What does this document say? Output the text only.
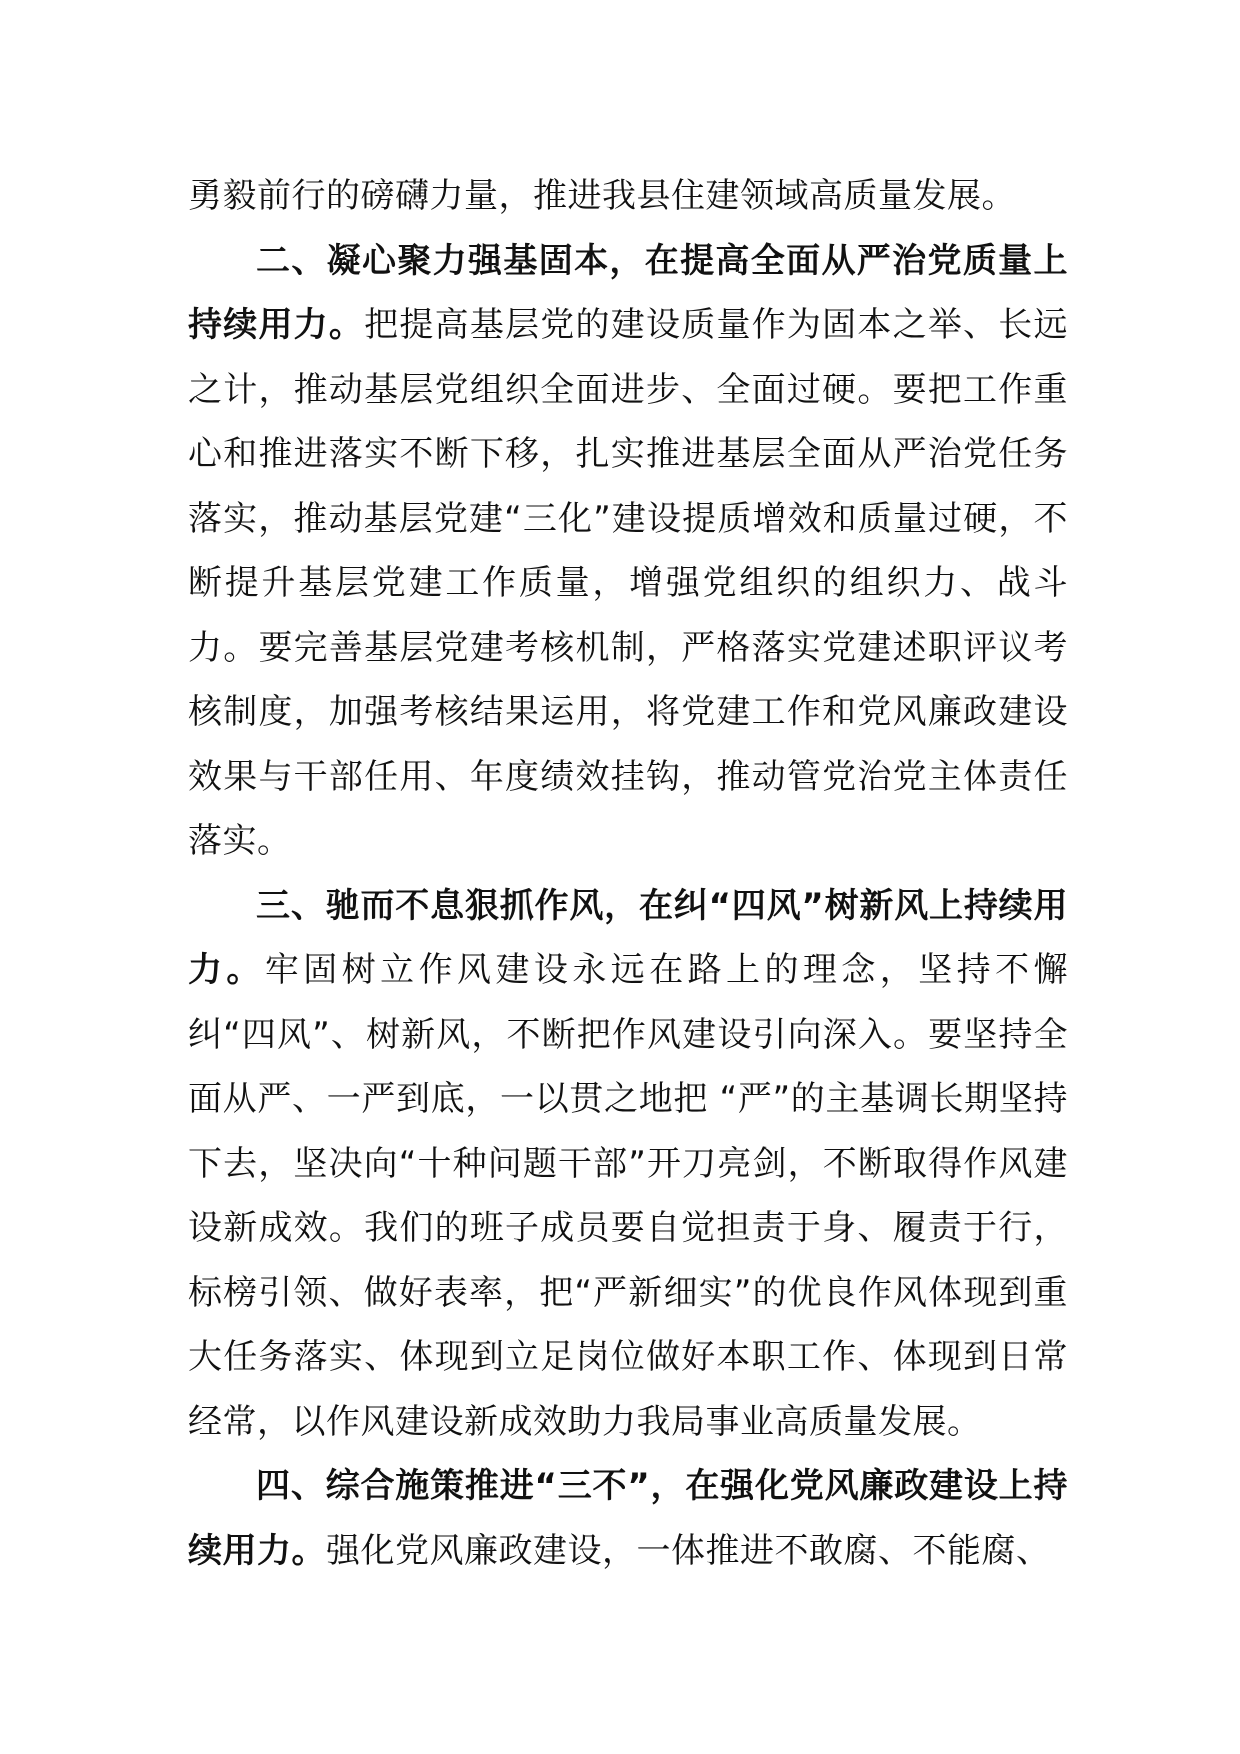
勇毅前行的磅礴力量，推进我县住建领域高质量发展。

二、凝心聚力强基固本，在提高全面从严治党质量上持续用力。把提高基层党的建设质量作为固本之举、长远之计，推动基层党组织全面进步、全面过硬。要把工作重心和推进落实不断下移，扎实推进基层全面从严治党任务落实，推动基层党建“三化”建设提质增效和质量过硬，不断提升基层党建工作质量，增强党组织的组织力、战斗力。要完善基层党建考核机制，严格落实党建述职评议考核制度，加强考核结果运用，将党建工作和党风廉政建设效果与干部任用、年度绩效挂钩，推动管党治党主体责任落实。

三、驰而不息狠抓作风，在纠“四风”树新风上持续用力。牢固树立作风建设永远在路上的理念，坚持不懈纠“四风”、树新风，不断把作风建设引向深入。要坚持全面从严、一严到底，一以贯之地把 “严”的主基调长期坚持下去，坚决向“十种问题干部”开刀亮剑，不断取得作风建设新成效。我们的班子成员要自觉担责于身、履责于行，标榜引领、做好表率，把“严新细实”的优良作风体现到重大任务落实、体现到立足岗位做好本职工作、体现到日常经常，以作风建设新成效助力我局事业高质量发展。

四、综合施策推进“三不”，在强化党风廉政建设上持续用力。强化党风廉政建设，一体推进不敢腐、不能腐、
